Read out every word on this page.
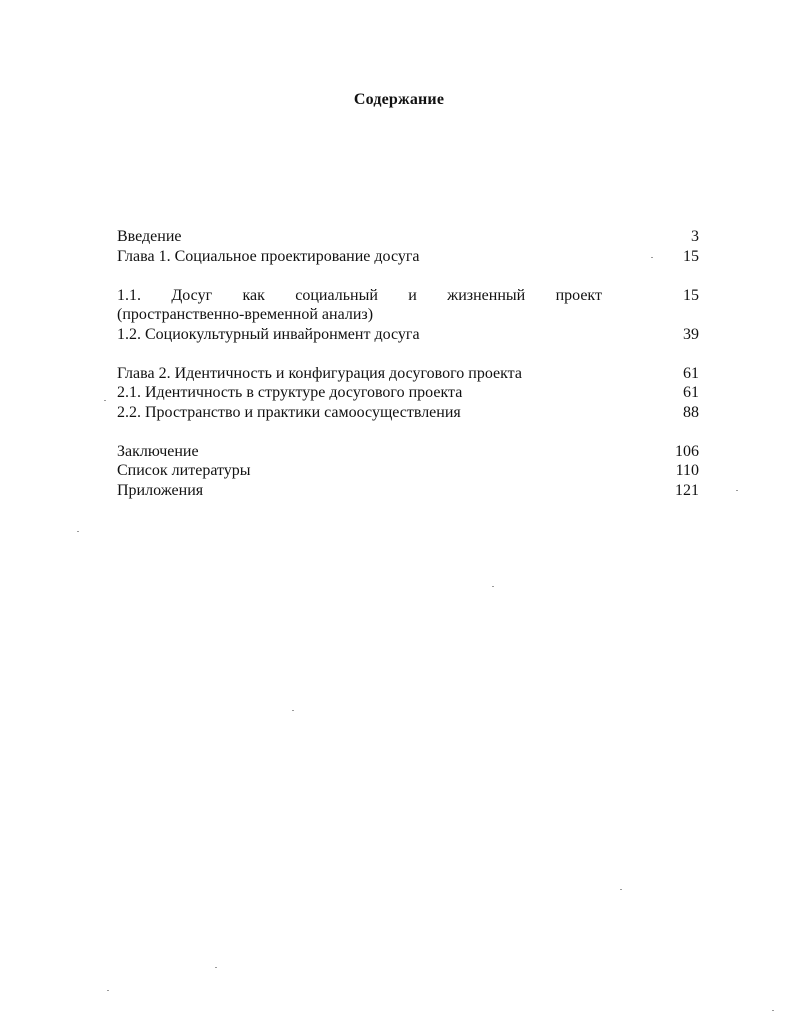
Содержание
Введение	3
Глава 1. Социальное проектирование досуга	15
1.1. Досуг как социальный и жизненный проект	15
(пространственно-временной анализ)
1.2. Социокультурный инвайронмент досуга	39
Глава 2. Идентичность и конфигурация досугового проекта	61
2.1. Идентичность в структуре досугового проекта	61
2.2. Пространство и практики самоосуществления	88
Заключение	106
Список литературы	110
Приложения	121
